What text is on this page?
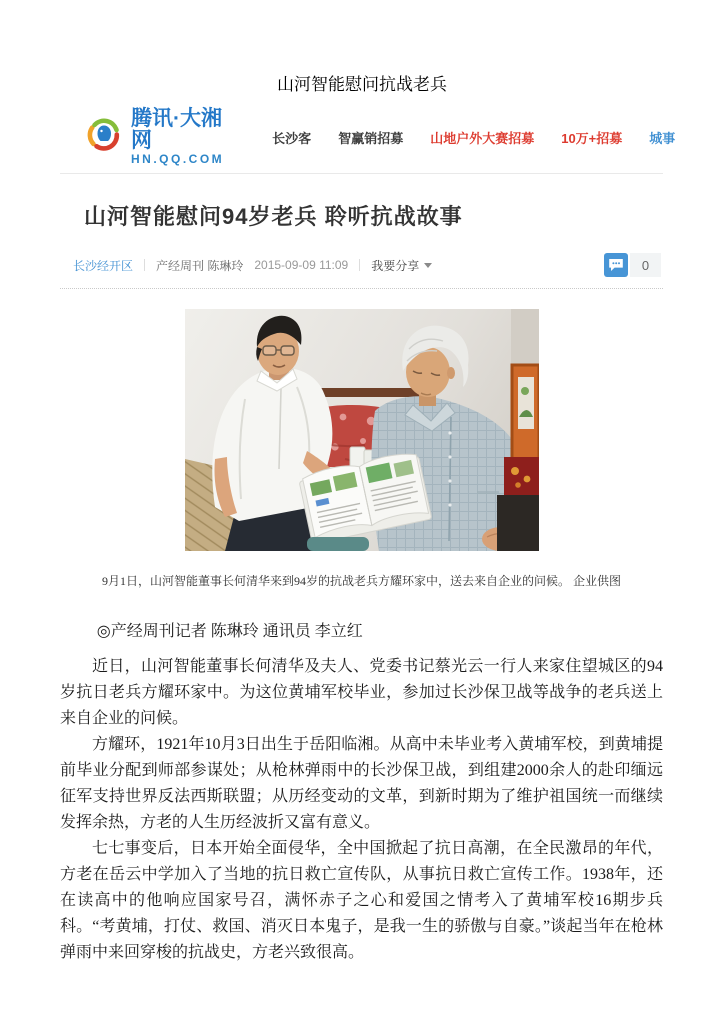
山河智能慰问抗战老兵
腾讯·大湘网
HN.QQ.COM
长沙客 智赢销招募 山地户外大赛招募 10万+招募 城事
山河智能慰问94岁老兵 聆听抗战故事
长沙经开区 产经周刊 陈琳玲 2015-09-09 11:09 我要分享	0
9月1日，山河智能董事长何清华来到94岁的抗战老兵方耀环家中，送去来自企业的问候。 企业供图

◎产经周刊记者 陈琳玲 通讯员 李立红

近日，山河智能董事长何清华及夫人、党委书记蔡光云一行人来家住望城区的94岁抗日老兵方耀环家中。为这位黄埔军校毕业，参加过长沙保卫战等战争的老兵送上来自企业的问候。

方耀环，1921年10月3日出生于岳阳临湘。从高中未毕业考入黄埔军校，到黄埔提前毕业分配到师部参谋处；从枪林弹雨中的长沙保卫战，到组建2000余人的赴印缅远征军支持世界反法西斯联盟；从历经变动的文革，到新时期为了维护祖国统一而继续发挥余热，方老的人生历经波折又富有意义。

七七事变后，日本开始全面侵华，全中国掀起了抗日高潮，在全民激昂的年代，方老在岳云中学加入了当地的抗日救亡宣传队，从事抗日救亡宣传工作。1938年，还在读高中的他响应国家号召，满怀赤子之心和爱国之情考入了黄埔军校16期步兵科。“考黄埔，打仗、救国、消灭日本鬼子，是我一生的骄傲与自豪。”谈起当年在枪林弹雨中来回穿梭的抗战史，方老兴致很高。
